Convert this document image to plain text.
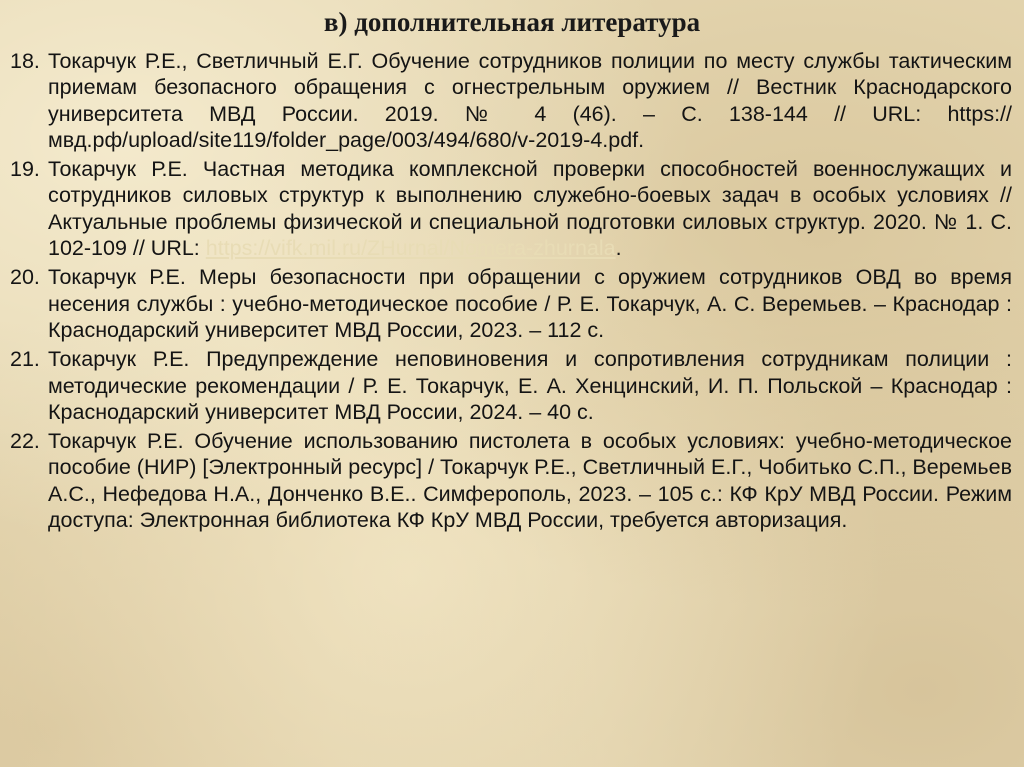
в) дополнительная литература
18. Токарчук Р.Е., Светличный Е.Г. Обучение сотрудников полиции по месту службы тактическим приемам безопасного обращения с огнестрельным оружием // Вестник Краснодарского университета МВД России. 2019. № 4 (46). – С. 138-144 // URL: https://мвд.рф/upload/site119/folder_page/003/494/680/v-2019-4.pdf.
19. Токарчук Р.Е. Частная методика комплексной проверки способностей военнослужащих и сотрудников силовых структур к выполнению служебно-боевых задач в особых условиях // Актуальные проблемы физической и специальной подготовки силовых структур. 2020. № 1. С. 102-109 // URL: https://vifk.mil.ru/ZHurnal/Nomera-zhurnala.
20. Токарчук Р.Е. Меры безопасности при обращении с оружием сотрудников ОВД во время несения службы : учебно-методическое пособие / Р. Е. Токарчук, А. С. Веремьев. – Краснодар : Краснодарский университет МВД России, 2023. – 112 с.
21. Токарчук Р.Е. Предупреждение неповиновения и сопротивления сотрудникам полиции : методические рекомендации / Р. Е. Токарчук, Е. А. Хенцинский, И. П. Польской – Краснодар : Краснодарский университет МВД России, 2024. – 40 с.
22. Токарчук Р.Е. Обучение использованию пистолета в особых условиях: учебно-методическое пособие (НИР) [Электронный ресурс] / Токарчук Р.Е., Светличный Е.Г., Чобитько С.П., Веремьев А.С., Нефедова Н.А., Донченко В.Е.. Симферополь, 2023. – 105 с.: КФ КрУ МВД России. Режим доступа: Электронная библиотека КФ КрУ МВД России, требуется авторизация.
